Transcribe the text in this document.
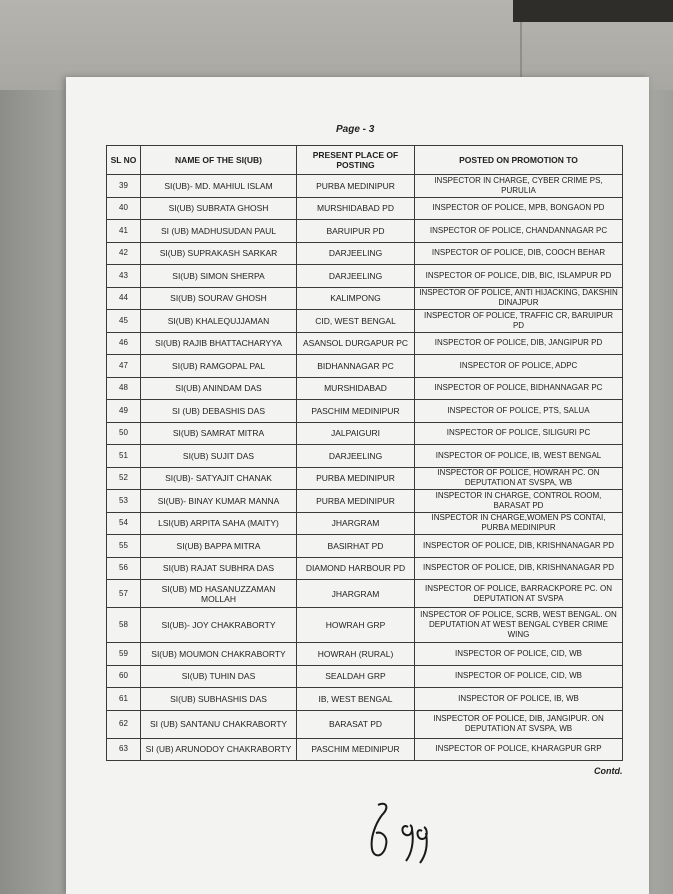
Page - 3
SL NO	NAME OF THE SI(UB)	PRESENT PLACE OF POSTING	POSTED ON PROMOTION TO
39	SI(UB)- MD. MAHIUL ISLAM	PURBA MEDINIPUR	INSPECTOR IN CHARGE, CYBER CRIME PS, PURULIA
40	SI(UB) SUBRATA GHOSH	MURSHIDABAD PD	INSPECTOR OF POLICE, MPB, BONGAON PD
41	SI (UB) MADHUSUDAN PAUL	BARUIPUR PD	INSPECTOR OF POLICE, CHANDANNAGAR PC
42	SI(UB) SUPRAKASH SARKAR	DARJEELING	INSPECTOR OF POLICE, DIB, COOCH BEHAR
43	SI(UB) SIMON SHERPA	DARJEELING	INSPECTOR OF POLICE, DIB, BIC, ISLAMPUR PD
44	SI(UB) SOURAV GHOSH	KALIMPONG	INSPECTOR OF POLICE, ANTI HIJACKING, DAKSHIN DINAJPUR
45	SI(UB) KHALEQUJJAMAN	CID, WEST BENGAL	INSPECTOR OF POLICE, TRAFFIC CR, BARUIPUR PD
46	SI(UB) RAJIB BHATTACHARYYA	ASANSOL DURGAPUR PC	INSPECTOR OF POLICE, DIB, JANGIPUR PD
47	SI(UB) RAMGOPAL PAL	BIDHANNAGAR PC	INSPECTOR OF POLICE, ADPC
48	SI(UB) ANINDAM DAS	MURSHIDABAD	INSPECTOR OF POLICE, BIDHANNAGAR PC
49	SI (UB) DEBASHIS DAS	PASCHIM MEDINIPUR	INSPECTOR OF POLICE, PTS, SALUA
50	SI(UB) SAMRAT MITRA	JALPAIGURI	INSPECTOR OF POLICE, SILIGURI PC
51	SI(UB) SUJIT DAS	DARJEELING	INSPECTOR OF POLICE, IB, WEST BENGAL
52	SI(UB)- SATYAJIT CHANAK	PURBA MEDINIPUR	INSPECTOR OF POLICE, HOWRAH PC. ON DEPUTATION AT SVSPA, WB
53	SI(UB)- BINAY KUMAR MANNA	PURBA MEDINIPUR	INSPECTOR IN CHARGE, CONTROL ROOM, BARASAT PD
54	LSI(UB) ARPITA SAHA (MAITY)	JHARGRAM	INSPECTOR IN CHARGE,WOMEN PS CONTAI, PURBA MEDINIPUR
55	SI(UB) BAPPA MITRA	BASIRHAT PD	INSPECTOR OF POLICE, DIB, KRISHNANAGAR PD
56	SI(UB) RAJAT SUBHRA DAS	DIAMOND HARBOUR PD	INSPECTOR OF POLICE, DIB, KRISHNANAGAR PD
57	SI(UB) MD HASANUZZAMAN MOLLAH	JHARGRAM	INSPECTOR OF POLICE, BARRACKPORE PC. ON DEPUTATION AT SVSPA
58	SI(UB)- JOY CHAKRABORTY	HOWRAH GRP	INSPECTOR OF POLICE, SCRB, WEST BENGAL. ON DEPUTATION AT WEST BENGAL CYBER CRIME WING
59	SI(UB) MOUMON CHAKRABORTY	HOWRAH (RURAL)	INSPECTOR OF POLICE, CID, WB
60	SI(UB) TUHIN DAS	SEALDAH GRP	INSPECTOR OF POLICE, CID, WB
61	SI(UB) SUBHASHIS DAS	IB, WEST BENGAL	INSPECTOR OF POLICE, IB, WB
62	SI (UB) SANTANU CHAKRABORTY	BARASAT PD	INSPECTOR OF POLICE, DIB, JANGIPUR. ON DEPUTATION AT SVSPA, WB
63	SI (UB) ARUNODOY CHAKRABORTY	PASCHIM MEDINIPUR	INSPECTOR OF POLICE, KHARAGPUR GRP
Contd.
